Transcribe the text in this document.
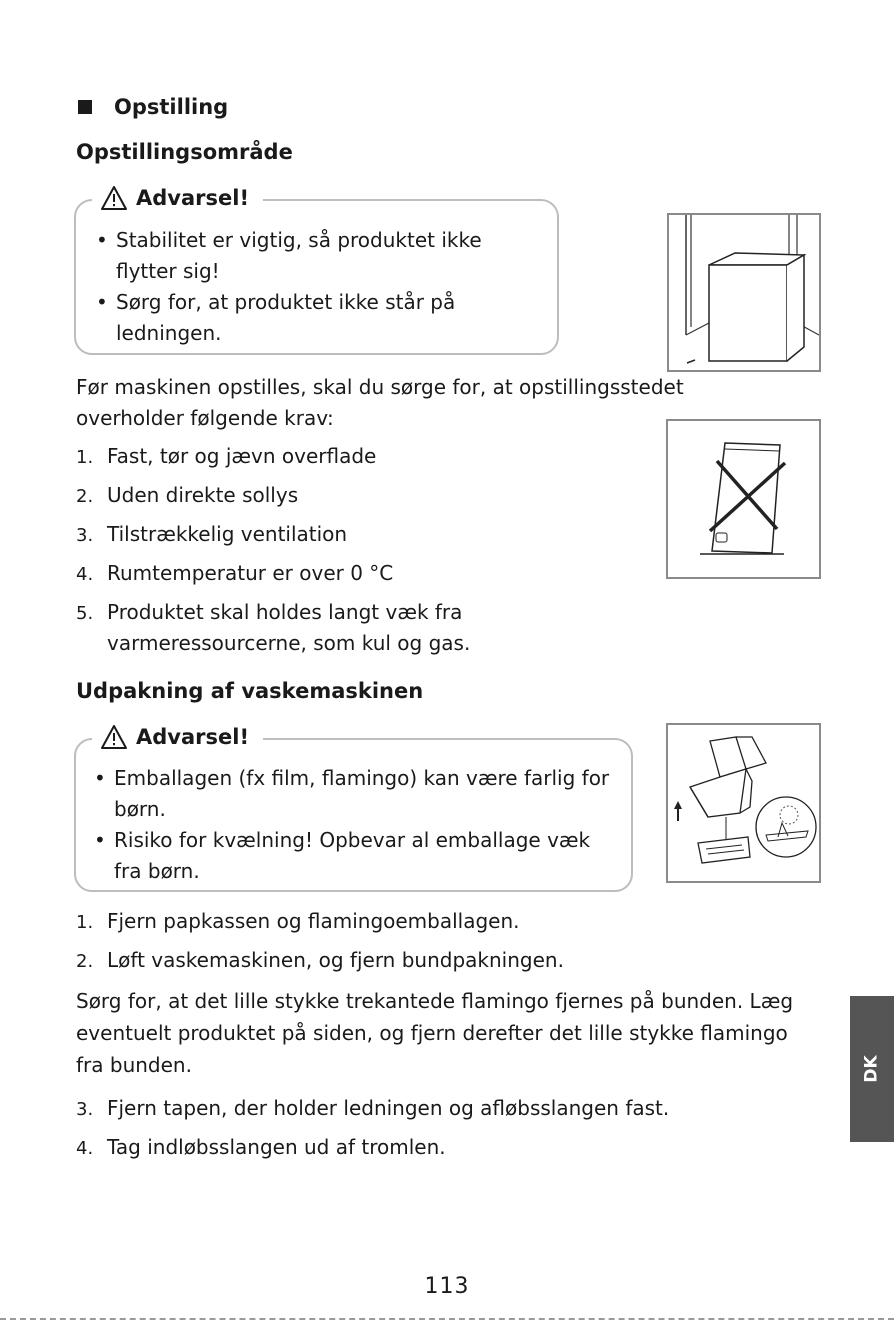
Opstilling
Opstillingsområde
Advarsel!
• Stabilitet er vigtig, så produktet ikke flytter sig!
• Sørg for, at produktet ikke står på ledningen.
Før maskinen opstilles, skal du sørge for, at opstillingsstedet overholder følgende krav:
1. Fast, tør og jævn overflade
2. Uden direkte sollys
3. Tilstrækkelig ventilation
4. Rumtemperatur er over 0 °C
5. Produktet skal holdes langt væk fra varmeressourcerne, som kul og gas.
Udpakning af vaskemaskinen
Advarsel!
• Emballagen (fx film, flamingo) kan være farlig for børn.
• Risiko for kvælning! Opbevar al emballage væk fra børn.
1. Fjern papkassen og flamingoemballagen.
2. Løft vaskemaskinen, og fjern bundpakningen.
Sørg for, at det lille stykke trekantede flamingo fjernes på bunden. Læg eventuelt produktet på siden, og fjern derefter det lille stykke flamingo fra bunden.
3. Fjern tapen, der holder ledningen og afløbsslangen fast.
4. Tag indløbsslangen ud af tromlen.
DK
113
